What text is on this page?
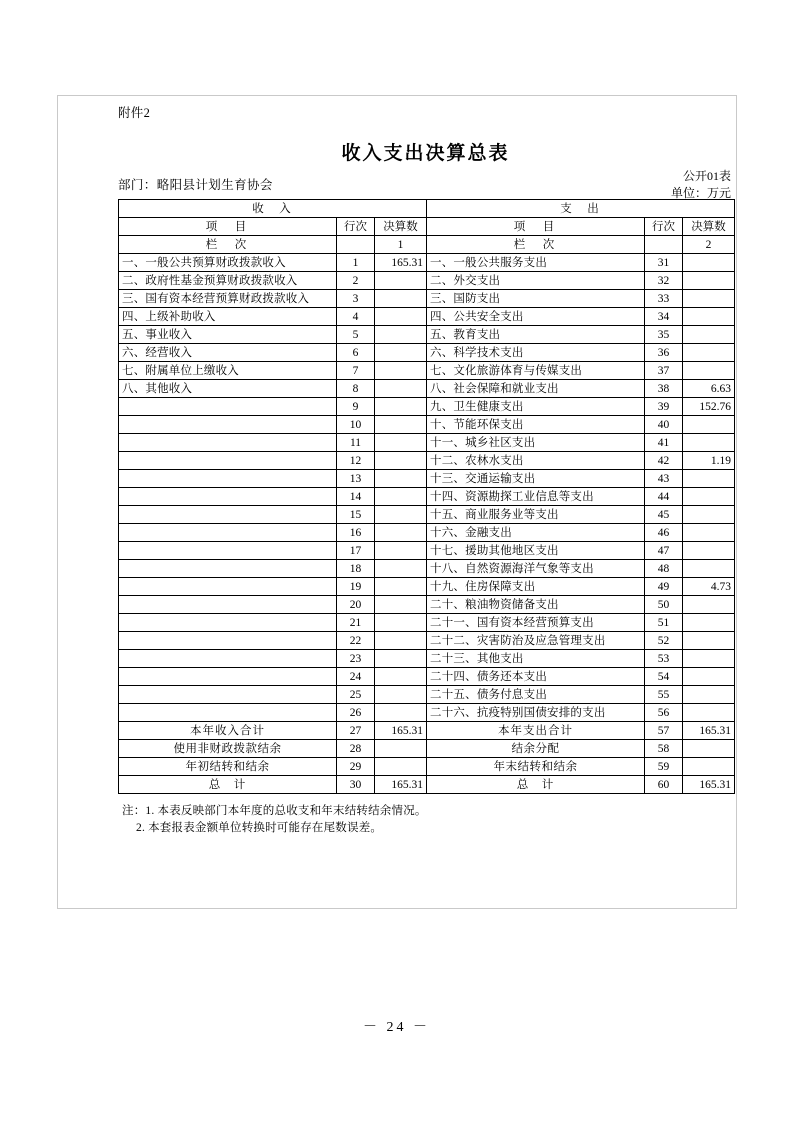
附件2
收入支出决算总表
公开01表
单位：万元
部门：略阳县计划生育协会
收　入			支　出		
项　目	行次	决算数	项　目	行次	决算数
栏　次		1	栏　次		2
一、一般公共预算财政拨款收入	1	165.31	一、一般公共服务支出	31	
二、政府性基金预算财政拨款收入	2		二、外交支出	32	
三、国有资本经营预算财政拨款收入	3		三、国防支出	33	
四、上级补助收入	4		四、公共安全支出	34	
五、事业收入	5		五、教育支出	35	
六、经营收入	6		六、科学技术支出	36	
七、附属单位上缴收入	7		七、文化旅游体育与传媒支出	37	
八、其他收入	8		八、社会保障和就业支出	38	6.63
	9		九、卫生健康支出	39	152.76
	10		十、节能环保支出	40	
	11		十一、城乡社区支出	41	
	12		十二、农林水支出	42	1.19
	13		十三、交通运输支出	43	
	14		十四、资源勘探工业信息等支出	44	
	15		十五、商业服务业等支出	45	
	16		十六、金融支出	46	
	17		十七、援助其他地区支出	47	
	18		十八、自然资源海洋气象等支出	48	
	19		十九、住房保障支出	49	4.73
	20		二十、粮油物资储备支出	50	
	21		二十一、国有资本经营预算支出	51	
	22		二十二、灾害防治及应急管理支出	52	
	23		二十三、其他支出	53	
	24		二十四、债务还本支出	54	
	25		二十五、债务付息支出	55	
	26		二十六、抗疫特别国债安排的支出	56	
本年收入合计	27	165.31	本年支出合计	57	165.31
使用非财政拨款结余	28		结余分配	58	
年初结转和结余	29		年末结转和结余	59	
总　计	30	165.31	总　计	60	165.31
注：1. 本表反映部门本年度的总收支和年末结转结余情况。
2. 本套报表金额单位转换时可能存在尾数误差。
－ 24 －
